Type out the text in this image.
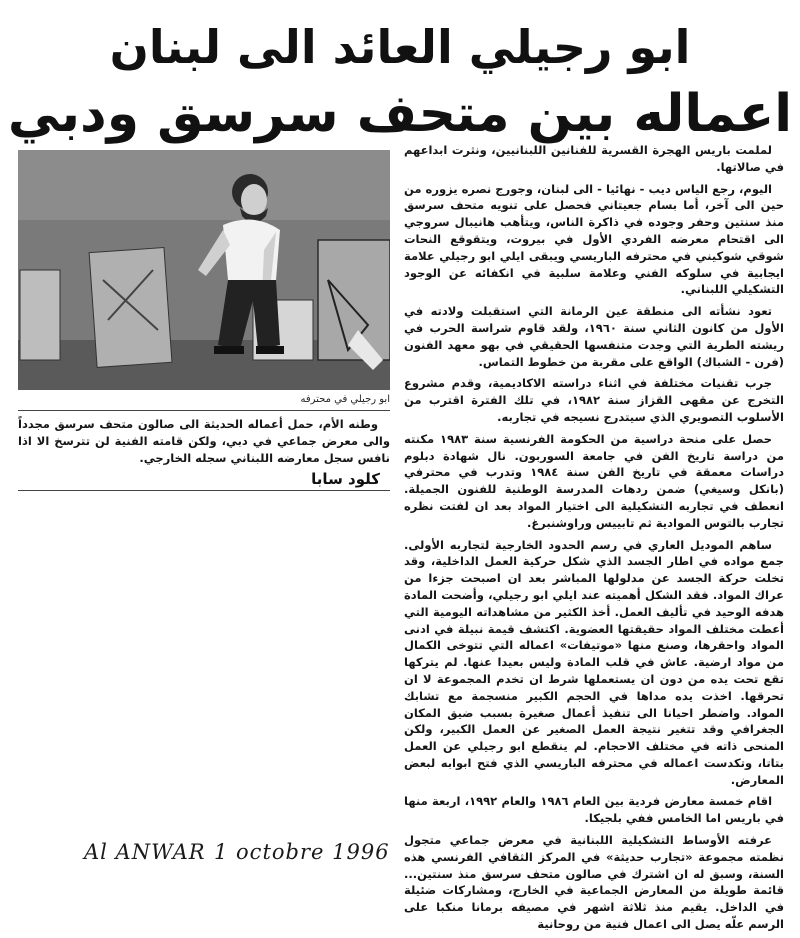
ابو رجيلي العائد الى لبنان
اعماله بين متحف سرسق ودبي
ابو رجيلي في محترفه

وطنه الأم، حمل أعماله الحديثة الى صالون متحف سرسق مجدداً والى معرض جماعي في دبي، ولكن قامته الفنية لن تترسخ الا اذا نافس سجل معارضه اللبناني سجله الخارجي.

كلود سابا

لملمت باريس الهجرة القسرية للفنانين اللبنانيين، ونثرت ابداعهم في صالاتها.

اليوم، رجع الياس ديب - نهائيا - الى لبنان، وجورج نصره يزوره من حين الى آخر، أما بسام جعيتاني فحصل على تنويه متحف سرسق منذ سنتين وحفر وجوده في ذاكرة الناس، ويتأهب هانيبال سروجي الى اقتحام معرضه الفردي الأول في بيروت، ويتقوقع النحات شوقي شوكيني في محترفه الباريسي ويبقى ايلي ابو رجيلي علامة ايجابية في سلوكه الفني وعلامة سلبية في انكفائه عن الوجود التشكيلي اللبناني.

تعود نشأته الى منطقة عين الرمانة التي استقبلت ولادته في الأول من كانون الثاني سنة ١٩٦٠، ولقد قاوم شراسة الحرب في ريشته الطرية التي وجدت متنفسها الحقيقي في بهو معهد الفنون (فرن - الشباك) الواقع على مقربة من خطوط التماس.

جرب تقنيات مختلفة في اثناء دراسته الاكاديمية، وقدم مشروع التخرج عن مقهى القزاز سنة ١٩٨٢، في تلك الفترة اقترب من الأسلوب التصويري الذي سيتدرج نسيجه في تجاربه.

حصل على منحة دراسية من الحكومة الفرنسية سنة ١٩٨٣ مكنته من دراسة تاريخ الفن في جامعة السوربون. نال شهادة دبلوم دراسات معمقة في تاريخ الفن سنة ١٩٨٤ وتدرب في محترفي (بانكل وسيغي) ضمن ردهات المدرسة الوطنية للفنون الجميلة. انعطف في تجاربه التشكيلية الى اختيار المواد بعد ان لفتت نظره تجارب بالتوس الموادية ثم تابييس وراوشنبرغ.

ساهم الموديل العاري في رسم الحدود الخارجية لتجاربه الأولى. جمع مواده في اطار الجسد الذي شكل حركية العمل الداخلية، وقد تخلت حركة الجسد عن مدلولها المباشر بعد ان اصبحت جزءا من عراك المواد. فقد الشكل أهميته عند ايلي ابو رجيلي، وأضحت المادة هدفه الوحيد في تأليف العمل. أخذ الكثير من مشاهداته اليومية التي أعطت مختلف المواد حقيقتها العضوية. اكتشف قيمة نبيلة في ادنى المواد واحقرها، وصنع منها «موتيفات» اعماله التي تتوخى الكمال من مواد ارضية. عاش في قلب المادة وليس بعيدا عنها. لم يتركها تقع تحت يده من دون ان يستعملها شرط ان تخدم المجموعة لا ان تحرقها. اخذت يده مداها في الحجم الكبير منسجمة مع تشابك المواد. واضطر احيانا الى تنفيذ أعمال صغيرة بسبب ضيق المكان الجغرافي وقد تتغير نتيجة العمل الصغير عن العمل الكبير، ولكن المنحى ذاته في مختلف الاحجام. لم ينقطع ابو رجيلي عن العمل بتاتا، وتكدست اعماله في محترفه الباريسي الذي فتح ابوابه لبعض المعارض.

اقام خمسة معارض فردية بين العام ١٩٨٦ والعام ١٩٩٢، اربعة منها في باريس اما الخامس ففي بلجيكا.

عرفته الأوساط التشكيلية اللبنانية في معرض جماعي متجول نظمته مجموعة «تجارب حديثة» في المركز الثقافي الفرنسي هذه السنة، وسبق له ان اشترك في صالون متحف سرسق منذ سنتين... قائمة طويلة من المعارض الجماعية في الخارج، ومشاركات ضئيلة في الداخل. يقيم منذ ثلاثة اشهر في مصيفه برمانا منكبا على الرسم علّه يصل الى اعمال فنية من روحانية

Al ANWAR 1 octobre 1996
